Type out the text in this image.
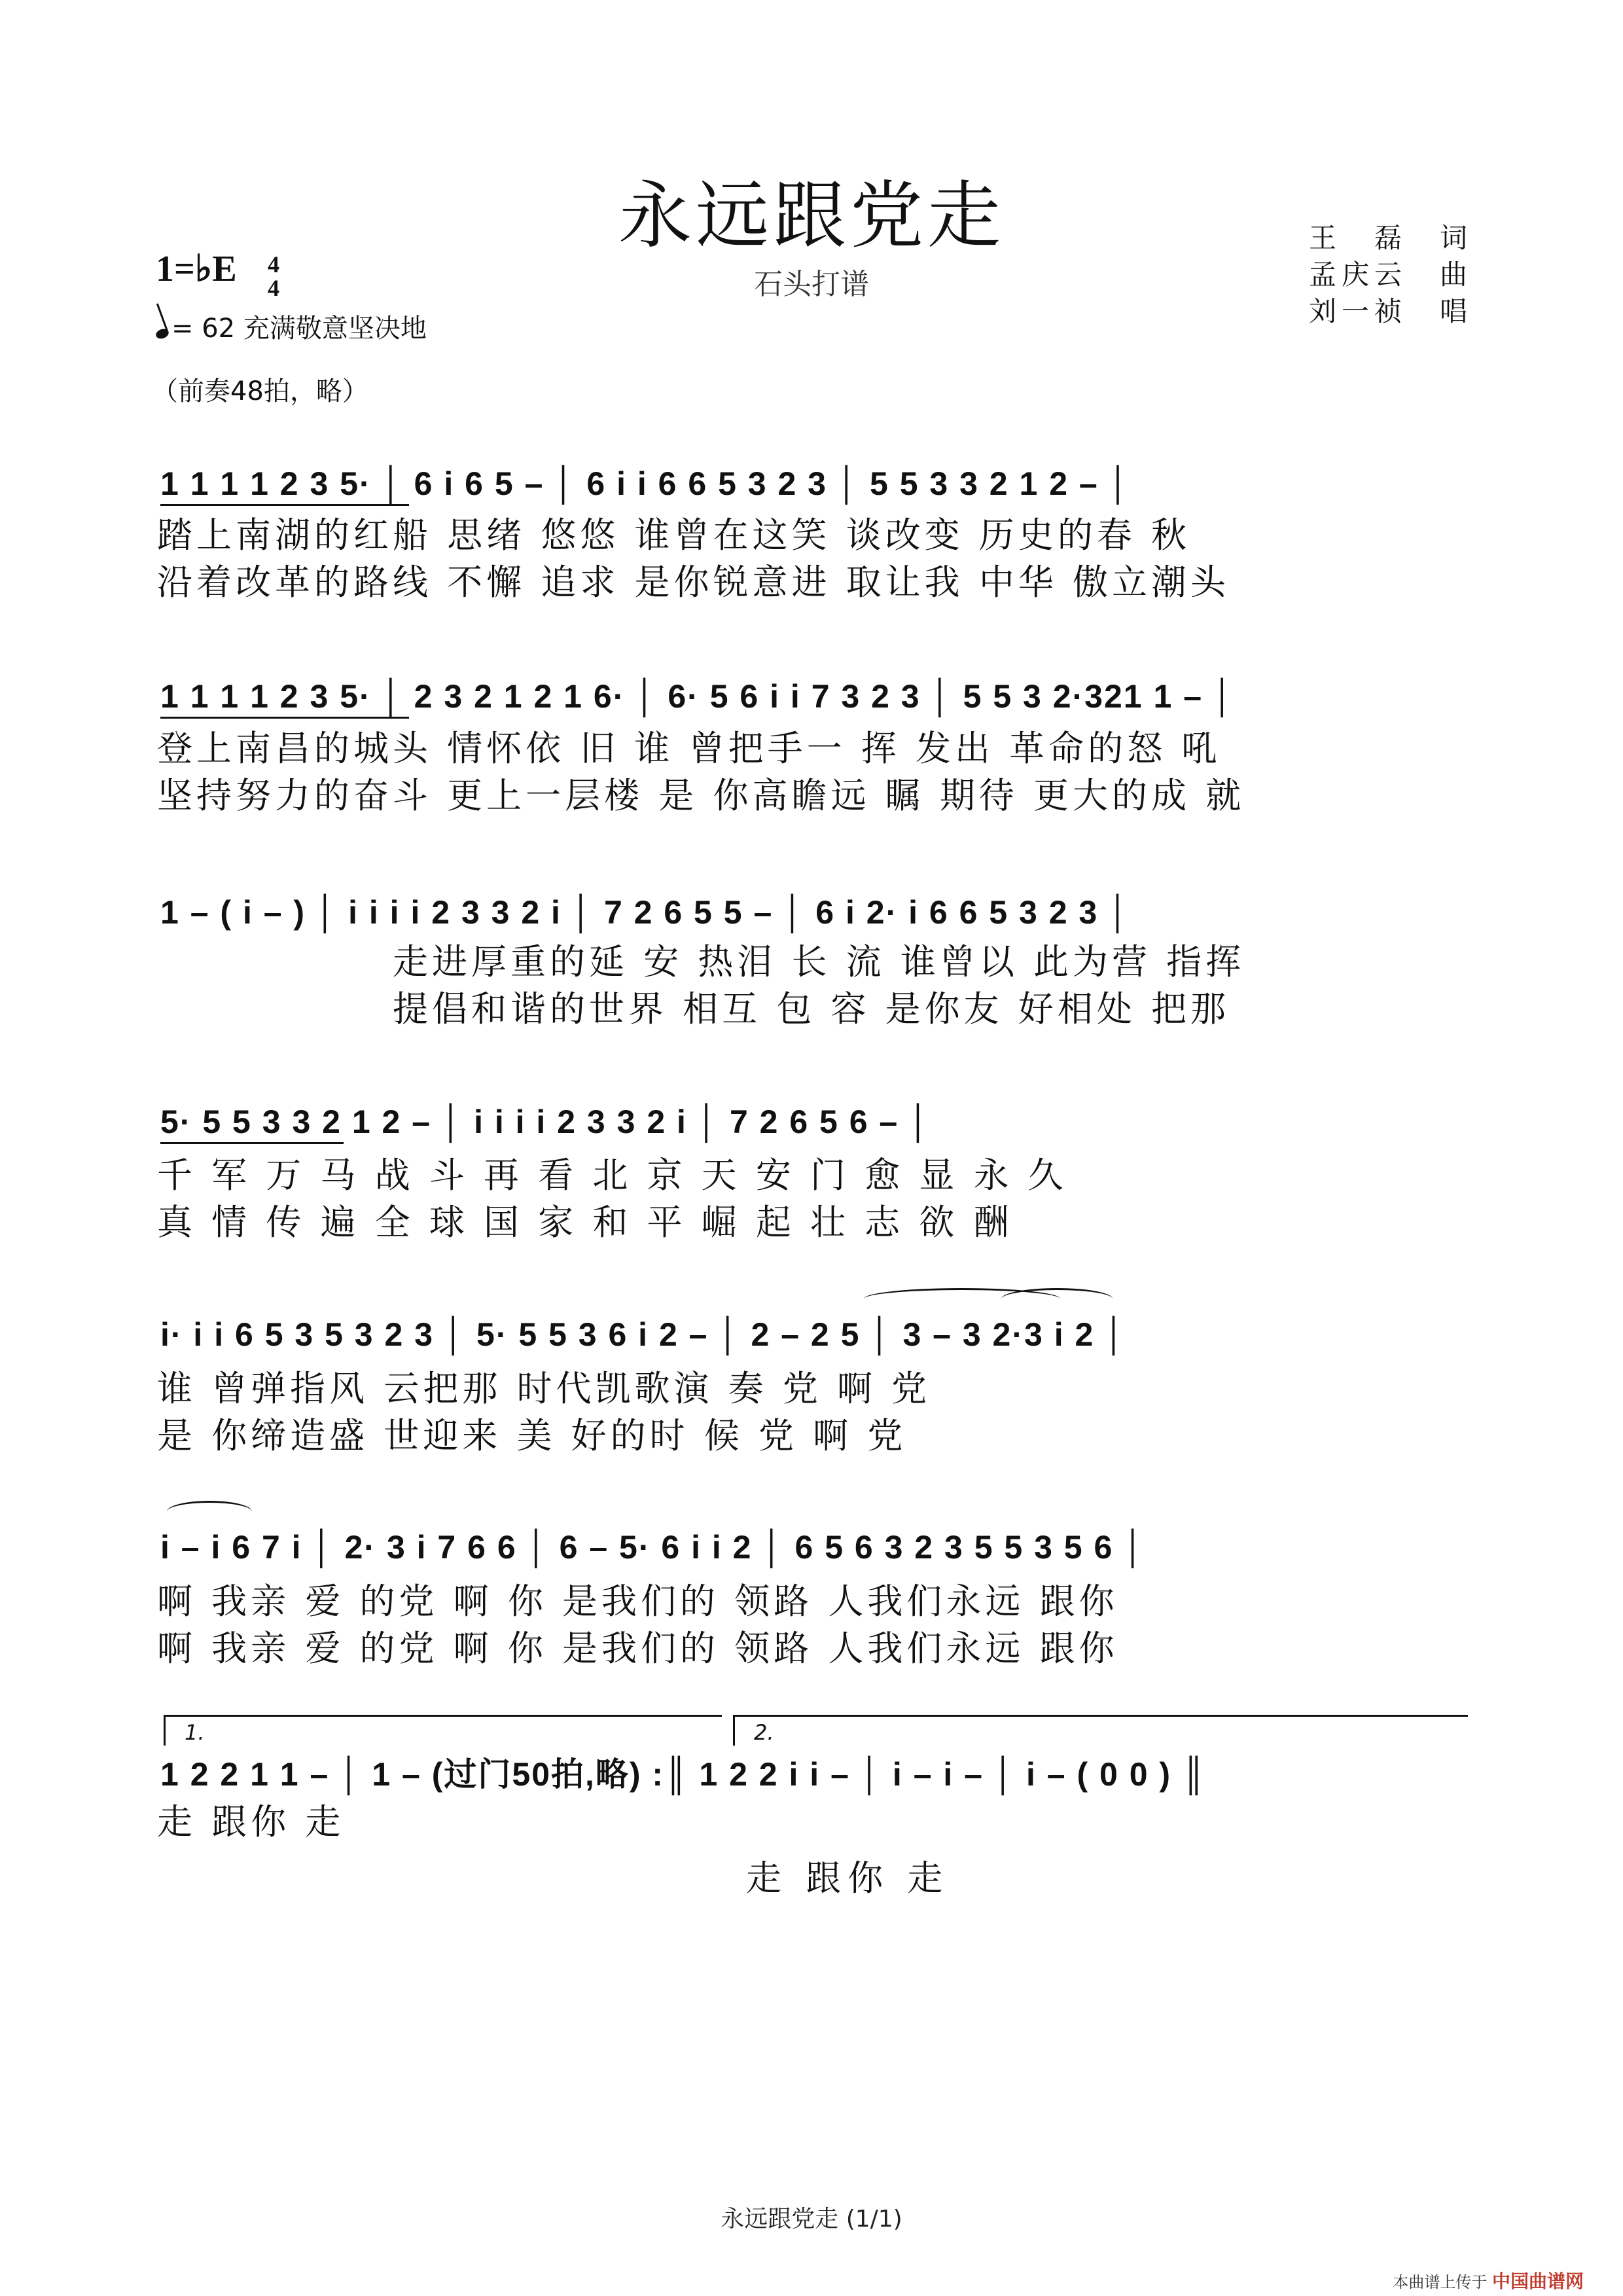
永远跟党走
石头打谱
王　磊　词
孟庆云　曲
刘一祯　唱
1=♭E	4
4
= 62 充满敬意坚决地
（前奏48拍，略）
1 1 1 1 2 3 5· │ 6 i 6 5 – │ 6 i i 6 6 5 3 2 3 │ 5 5 3 3 2 1 2 – │
踏上南湖的红船 思绪 悠悠 谁曾在这笑 谈改变 历史的春 秋
沿着改革的路线 不懈 追求 是你锐意进 取让我 中华 傲立潮头
1 1 1 1 2 3 5· │ 2 3 2 1 2 1 6· │ 6· 5 6 i i 7 3 2 3 │ 5 5 3 2·321 1 – │
登上南昌的城头 情怀依 旧 谁 曾把手一 挥 发出 革命的怒 吼
坚持努力的奋斗 更上一层楼 是 你高瞻远 瞩 期待 更大的成 就
1 – ( i – ) │ i i i i 2 3 3 2 i │ 7 2 6 5 5 – │ 6 i 2· i 6 6 5 3 2 3 │
走进厚重的延 安 热泪 长 流 谁曾以 此为营 指挥
提倡和谐的世界 相互 包 容 是你友 好相处 把那
5· 5 5 3 3 2 1 2 – │ i i i i 2 3 3 2 i │ 7 2 6 5 6 – │
千 军 万 马 战 斗 再 看 北 京 天 安 门 愈 显 永 久
真 情 传 遍 全 球 国 家 和 平 崛 起 壮 志 欲 酬
i· i i 6 5 3 5 3 2 3 │ 5· 5 5 3 6 i 2 – │ 2 – 2 5 │ 3 – 3 2·3 i 2 │
谁 曾弹指风 云把那 时代凯歌演 奏 党 啊 党
是 你缔造盛 世迎来 美 好的时 候 党 啊 党
i – i 6 7 i │ 2· 3 i 7 6 6 │ 6 – 5· 6 i i 2 │ 6 5 6 3 2 3 5 5 3 5 6 │
啊 我亲 爱 的党 啊 你 是我们的 领路 人我们永远 跟你
啊 我亲 爱 的党 啊 你 是我们的 领路 人我们永远 跟你
1.	2.
1 2 2 1 1 – │ 1 – (过门50拍,略) :║ 1 2 2 i i – │ i – i – │ i – ( 0 0 ) ║
走 跟你 走
走 跟你 走
永远跟党走 (1/1)
本曲谱上传于 中国曲谱网
